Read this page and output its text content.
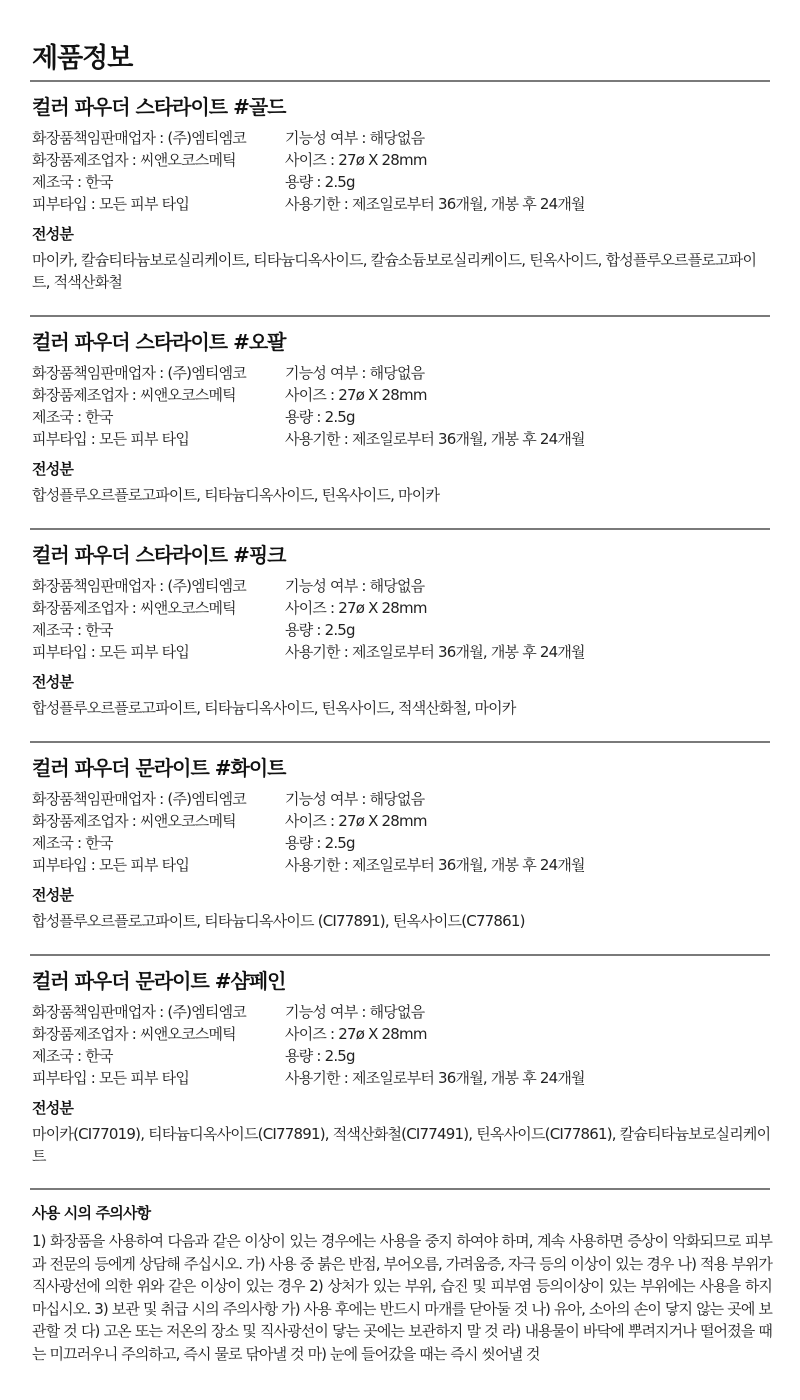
제품정보
컬러 파우더 스타라이트 #골드
화장품책임판매업자 : (주)엠티엠코
화장품제조업자 : 씨앤오코스메틱
제조국 : 한국
피부타입 : 모든 피부 타입
기능성 여부 : 해당없음
사이즈 : 27ø X 28mm
용량 : 2.5g
사용기한 : 제조일로부터 36개월, 개봉 후 24개월
전성분
마이카, 칼슘티타늄보로실리케이트, 티타늄디옥사이드, 칼슘소듐보로실리케이드, 틴옥사이드, 합성플루오르플로고파이트, 적색산화철
컬러 파우더 스타라이트 #오팔
화장품책임판매업자 : (주)엠티엠코
화장품제조업자 : 씨앤오코스메틱
제조국 : 한국
피부타입 : 모든 피부 타입
기능성 여부 : 해당없음
사이즈 : 27ø X 28mm
용량 : 2.5g
사용기한 : 제조일로부터 36개월, 개봉 후 24개월
전성분
합성플루오르플로고파이트, 티타늄디옥사이드, 틴옥사이드, 마이카
컬러 파우더 스타라이트 #핑크
화장품책임판매업자 : (주)엠티엠코
화장품제조업자 : 씨앤오코스메틱
제조국 : 한국
피부타입 : 모든 피부 타입
기능성 여부 : 해당없음
사이즈 : 27ø X 28mm
용량 : 2.5g
사용기한 : 제조일로부터 36개월, 개봉 후 24개월
전성분
합성플루오르플로고파이트, 티타늄디옥사이드, 틴옥사이드, 적색산화철, 마이카
컬러 파우더 문라이트 #화이트
화장품책임판매업자 : (주)엠티엠코
화장품제조업자 : 씨앤오코스메틱
제조국 : 한국
피부타입 : 모든 피부 타입
기능성 여부 : 해당없음
사이즈 : 27ø X 28mm
용량 : 2.5g
사용기한 : 제조일로부터 36개월, 개봉 후 24개월
전성분
합성플루오르플로고파이트, 티타늄디옥사이드 (CI77891), 틴옥사이드(C77861)
컬러 파우더 문라이트 #샴페인
화장품책임판매업자 : (주)엠티엠코
화장품제조업자 : 씨앤오코스메틱
제조국 : 한국
피부타입 : 모든 피부 타입
기능성 여부 : 해당없음
사이즈 : 27ø X 28mm
용량 : 2.5g
사용기한 : 제조일로부터 36개월, 개봉 후 24개월
전성분
마이카(CI77019), 티타늄디옥사이드(CI77891), 적색산화철(CI77491), 틴옥사이드(CI77861), 칼슘티타늄보로실리케이트
사용 시의 주의사항
1) 화장품을 사용하여 다음과 같은 이상이 있는 경우에는 사용을 중지 하여야 하며, 계속 사용하면 증상이 악화되므로 피부과 전문의 등에게 상담해 주십시오. 가) 사용 중 붉은 반점, 부어오름, 가려움증, 자극 등의 이상이 있는 경우 나) 적용 부위가 직사광선에 의한 위와 같은 이상이 있는 경우 2) 상처가 있는 부위, 습진 및 피부염 등의이상이 있는 부위에는 사용을 하지 마십시오. 3) 보관 및 취급 시의 주의사항 가) 사용 후에는 반드시 마개를 닫아둘 것 나) 유아, 소아의 손이 닿지 않는 곳에 보관할 것 다) 고온 또는 저온의 장소 및 직사광선이 닿는 곳에는 보관하지 말 것 라) 내용물이 바닥에 뿌려지거나 떨어졌을 때는 미끄러우니 주의하고, 즉시 물로 닦아낼 것 마) 눈에 들어갔을 때는 즉시 씻어낼 것
